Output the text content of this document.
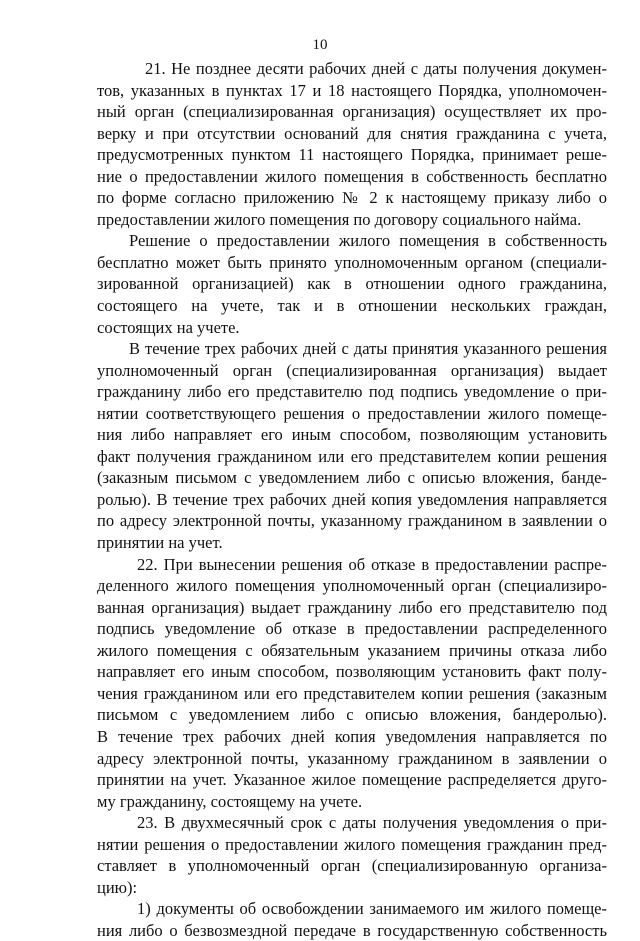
10
21. Не позднее десяти рабочих дней с даты получения докумен-
тов, указанных в пунктах 17 и 18 настоящего Порядка, уполномочен-
ный орган (специализированная организация) осуществляет их про-
верку и при отсутствии оснований для снятия гражданина с учета,
предусмотренных пунктом 11 настоящего Порядка, принимает реше-
ние о предоставлении жилого помещения в собственность бесплатно
по форме согласно приложению № 2 к настоящему приказу либо о
предоставлении жилого помещения по договору социального найма.
Решение о предоставлении жилого помещения в собственность
бесплатно может быть принято уполномоченным органом (специали-
зированной организацией) как в отношении одного гражданина,
состоящего на учете, так и в отношении нескольких граждан,
состоящих на учете.
В течение трех рабочих дней с даты принятия указанного решения
уполномоченный орган (специализированная организация) выдает
гражданину либо его представителю под подпись уведомление о при-
нятии соответствующего решения о предоставлении жилого помеще-
ния либо направляет его иным способом, позволяющим установить
факт получения гражданином или его представителем копии решения
(заказным письмом с уведомлением либо с описью вложения, бандe-
ролью). В течение трех рабочих дней копия уведомления направляется
по адресу электронной почты, указанному гражданином в заявлении о
принятии на учет.
22. При вынесении решения об отказе в предоставлении распре-
деленного жилого помещения уполномоченный орган (специализиро-
ванная организация) выдает гражданину либо его представителю под
подпись уведомление об отказе в предоставлении распределенного
жилого помещения с обязательным указанием причины отказа либо
направляет его иным способом, позволяющим установить факт полу-
чения гражданином или его представителем копии решения (заказным
письмом с уведомлением либо с описью вложения, бандеролью).
В течение трех рабочих дней копия уведомления направляется по
адресу электронной почты, указанному гражданином в заявлении о
принятии на учет. Указанное жилое помещение распределяется друго-
му гражданину, состоящему на учете.
23. В двухмесячный срок с даты получения уведомления о при-
нятии решения о предоставлении жилого помещения гражданин пред-
ставляет в уполномоченный орган (специализированную организа-
цию):
1) документы об освобождении занимаемого им жилого помеще-
ния либо о безвозмездной передаче в государственную собственность
